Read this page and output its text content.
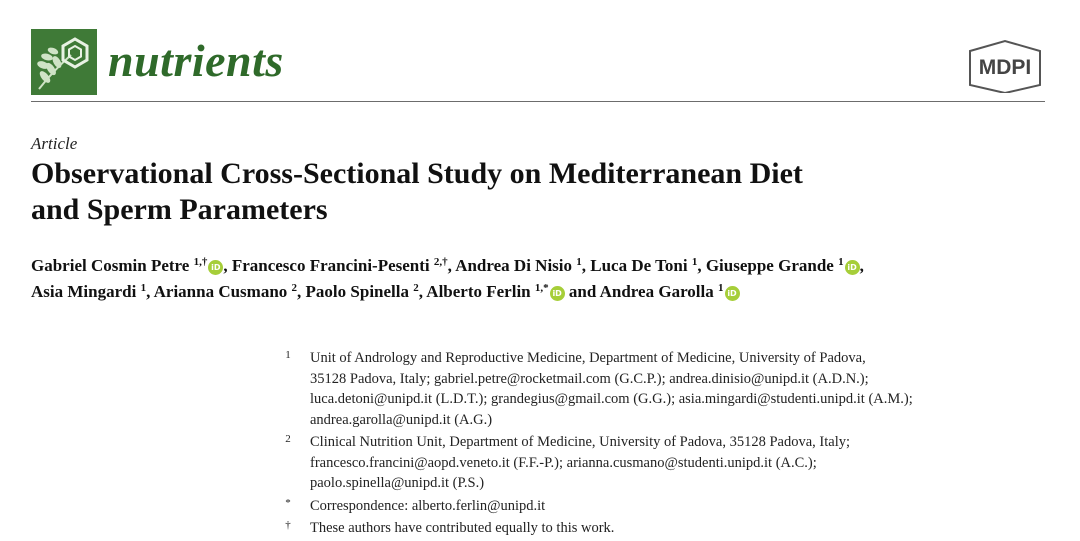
nutrients	MDPI
Article
Observational Cross-Sectional Study on Mediterranean Diet
and Sperm Parameters
Gabriel Cosmin Petre $^{1,\dagger}$ iD , Francesco Francini-Pesenti $^{2,\dagger}$, Andrea Di Nisio $^1$, Luca De Toni $^1$, Giuseppe Grande $^1$ iD ,
Asia Mingardi $^1$, Arianna Cusmano $^2$, Paolo Spinella $^2$, Alberto Ferlin $^{1,*}$ iD and Andrea Garolla $^1$ iD
1 Unit of Andrology and Reproductive Medicine, Department of Medicine, University of Padova,
35128 Padova, Italy; gabriel.petre@rocketmail.com (G.C.P.); andrea.dinisio@unipd.it (A.D.N.);
luca.detoni@unipd.it (L.D.T.); grandegius@gmail.com (G.G.); asia.mingardi@studenti.unipd.it (A.M.);
andrea.garolla@unipd.it (A.G.)
2 Clinical Nutrition Unit, Department of Medicine, University of Padova, 35128 Padova, Italy;
francesco.francini@aopd.veneto.it (F.F.-P.); arianna.cusmano@studenti.unipd.it (A.C.);
paolo.spinella@unipd.it (P.S.)
* Correspondence: alberto.ferlin@unipd.it
† These authors have contributed equally to this work.
